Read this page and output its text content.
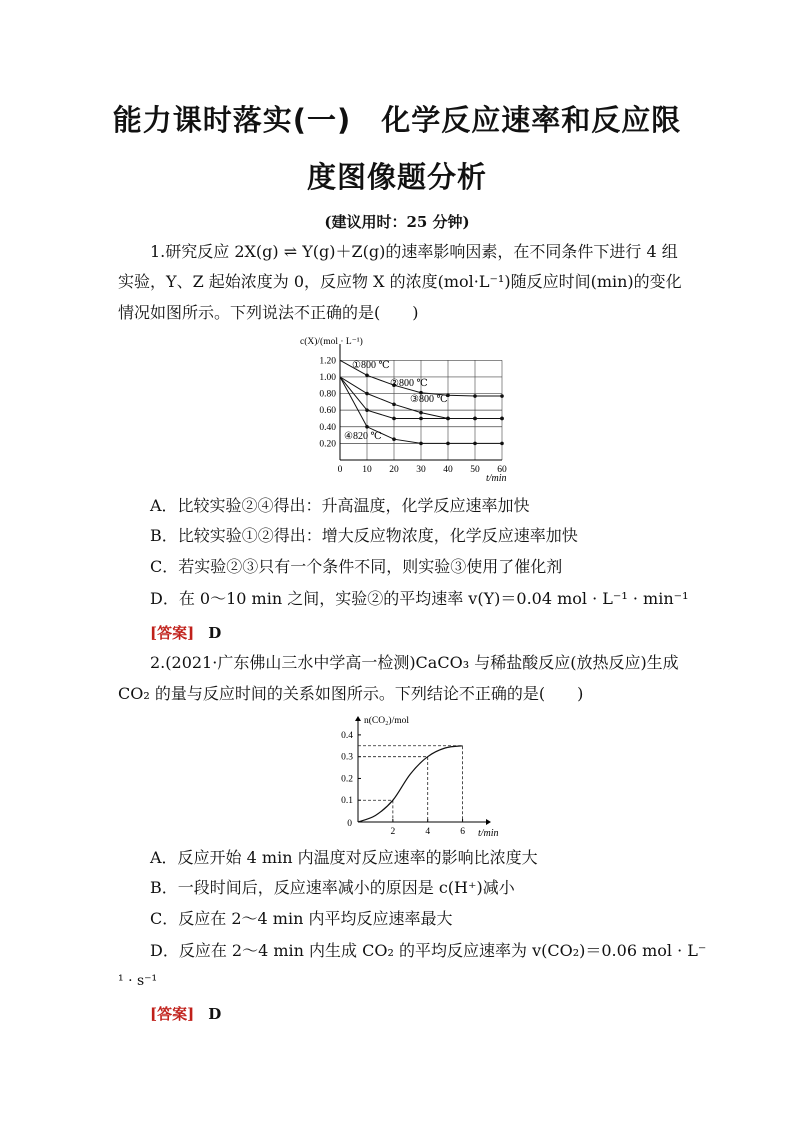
能力课时落实(一)　化学反应速率和反应限
度图像题分析
(建议用时：25 分钟)
1.研究反应 2X(g) ⇌ Y(g)＋Z(g)的速率影响因素，在不同条件下进行 4 组
实验，Y、Z 起始浓度为 0，反应物 X 的浓度(mol·L⁻¹)随反应时间(min)的变化
情况如图所示。下列说法不正确的是(　　)
0.20
0.40
0.60
0.80
1.00
1.20
0 10 20 30 40 50 60
c(X)/(mol · L⁻¹)
t/min
①800 ℃
②800 ℃
③800 ℃
④820 ℃
A．比较实验②④得出：升高温度，化学反应速率加快
B．比较实验①②得出：增大反应物浓度，化学反应速率加快
C．若实验②③只有一个条件不同，则实验③使用了催化剂
D．在 0～10 min 之间，实验②的平均速率 v(Y)＝0.04 mol · L⁻¹ · min⁻¹
[答案] D
2.(2021·广东佛山三水中学高一检测)CaCO₃ 与稀盐酸反应(放热反应)生成
CO₂ 的量与反应时间的关系如图所示。下列结论不正确的是(　　)
n(CO₂)/mol
t/min
0
0.1
0.2
0.3
0.4
2	4	6
A．反应开始 4 min 内温度对反应速率的影响比浓度大
B．一段时间后，反应速率减小的原因是 c(H⁺)减小
C．反应在 2～4 min 内平均反应速率最大
D．反应在 2～4 min 内生成 CO₂ 的平均反应速率为 v(CO₂)＝0.06 mol · L⁻
¹ · s⁻¹
[答案] D
